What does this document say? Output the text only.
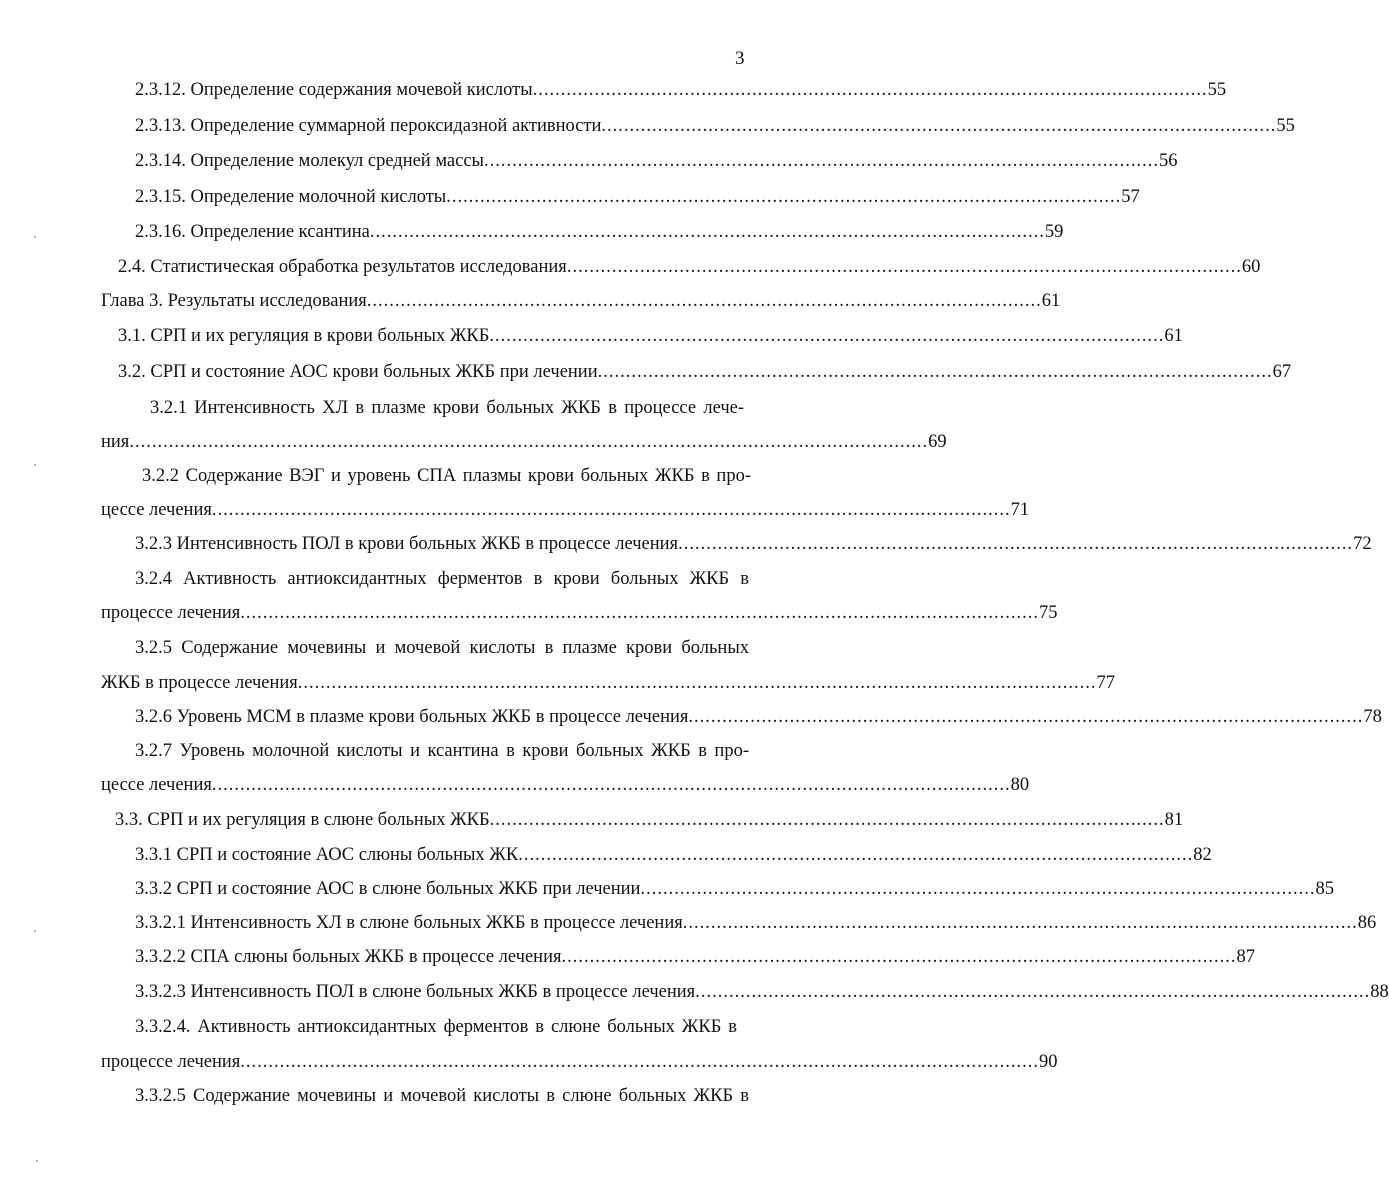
3
2.3.12. Определение содержания мочевой кислоты ........................................................................................................................ 55
2.3.13. Определение суммарной пероксидазной активности ........................................................................................................................ 55
2.3.14. Определение молекул средней массы ........................................................................................................................ 56
2.3.15. Определение молочной кислоты ........................................................................................................................ 57
2.3.16. Определение ксантина ........................................................................................................................ 59
2.4. Статистическая обработка результатов исследования ........................................................................................................................ 60
Глава 3. Результаты исследования ........................................................................................................................ 61
3.1. СРП и их регуляция в крови больных ЖКБ ........................................................................................................................ 61
3.2. СРП и состояние АОС крови больных ЖКБ при лечении ........................................................................................................................ 67
3.2.1 Интенсивность ХЛ в плазме крови больных ЖКБ в процессе лече-
ния .............................................................................................................................................. 69
3.2.2 Содержание ВЭГ и уровень СПА плазмы крови больных ЖКБ в про-
цессе лечения .............................................................................................................................................. 71
3.2.3 Интенсивность ПОЛ в крови больных ЖКБ в процессе лечения ........................................................................................................................ 72
3.2.4 Активность антиоксидантных ферментов в крови больных ЖКБ в
процессе лечения .............................................................................................................................................. 75
3.2.5 Содержание мочевины и мочевой кислоты в плазме крови больных
ЖКБ в процессе лечения .............................................................................................................................................. 77
3.2.6 Уровень МСМ в плазме крови больных ЖКБ в процессе лечения ........................................................................................................................ 78
3.2.7 Уровень молочной кислоты и ксантина в крови больных ЖКБ в про-
цессе лечения .............................................................................................................................................. 80
3.3. СРП и их регуляция в слюне больных ЖКБ ........................................................................................................................ 81
3.3.1 СРП и состояние АОС слюны больных ЖК ........................................................................................................................ 82
3.3.2 СРП и состояние АОС в слюне больных ЖКБ при лечении ........................................................................................................................ 85
3.3.2.1 Интенсивность ХЛ в слюне больных ЖКБ в процессе лечения ........................................................................................................................ 86
3.3.2.2 СПА слюны больных ЖКБ в процессе лечения ........................................................................................................................ 87
3.3.2.3 Интенсивность ПОЛ в слюне больных ЖКБ в процессе лечения ........................................................................................................................ 88
3.3.2.4. Активность антиоксидантных ферментов в слюне больных ЖКБ в
процессе лечения .............................................................................................................................................. 90
3.3.2.5 Содержание мочевины и мочевой кислоты в слюне больных ЖКБ в
